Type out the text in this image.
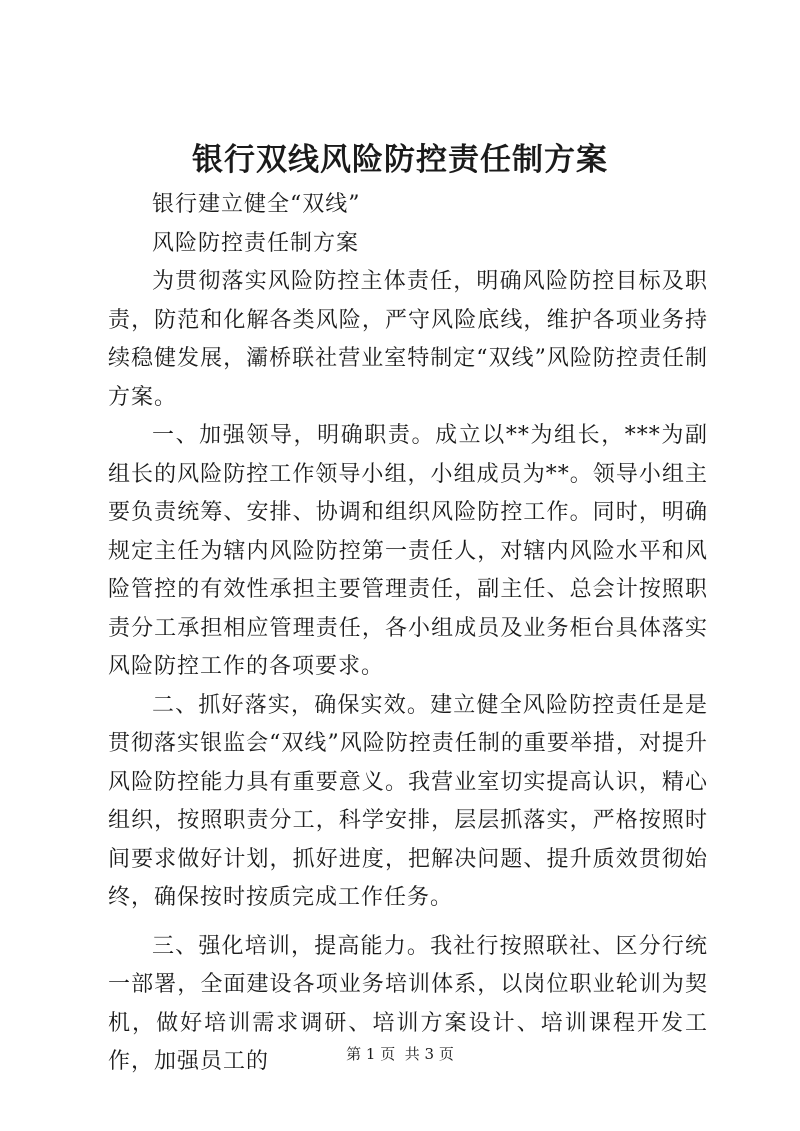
银行双线风险防控责任制方案

银行建立健全“双线”

风险防控责任制方案

为贯彻落实风险防控主体责任，明确风险防控目标及职责，防范和化解各类风险，严守风险底线，维护各项业务持续稳健发展，灞桥联社营业室特制定“双线”风险防控责任制方案。

一、加强领导，明确职责。成立以**为组长，***为副组长的风险防控工作领导小组，小组成员为**。领导小组主要负责统筹、安排、协调和组织风险防控工作。同时，明确规定主任为辖内风险防控第一责任人，对辖内风险水平和风险管控的有效性承担主要管理责任，副主任、总会计按照职责分工承担相应管理责任，各小组成员及业务柜台具体落实风险防控工作的各项要求。

二、抓好落实，确保实效。建立健全风险防控责任是是贯彻落实银监会“双线”风险防控责任制的重要举措，对提升风险防控能力具有重要意义。我营业室切实提高认识，精心组织，按照职责分工，科学安排，层层抓落实，严格按照时间要求做好计划，抓好进度，把解决问题、提升质效贯彻始终，确保按时按质完成工作任务。

三、强化培训，提高能力。我社行按照联社、区分行统一部署，全面建设各项业务培训体系，以岗位职业轮训为契机，做好培训需求调研、培训方案设计、培训课程开发工作，加强员工的	第 1 页  共 3 页
